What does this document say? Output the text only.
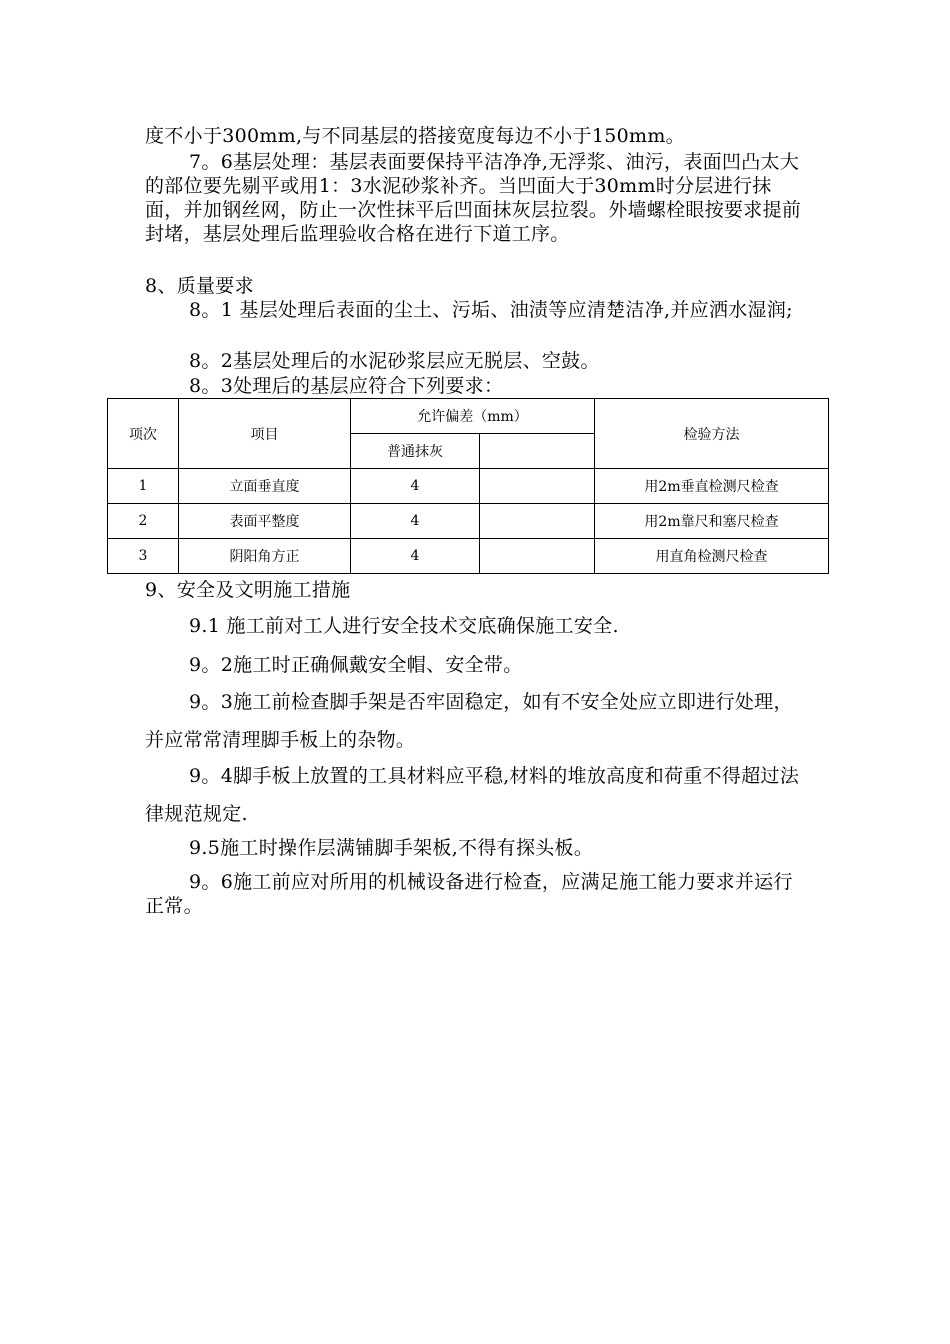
度不小于300mm,与不同基层的搭接宽度每边不小于150mm。

7。6基层处理：基层表面要保持平洁净净,无浮浆、油污，表面凹凸太大的部位要先剔平或用1：3水泥砂浆补齐。当凹面大于30mm时分层进行抹面，并加钢丝网，防止一次性抹平后凹面抹灰层拉裂。外墙螺栓眼按要求提前封堵，基层处理后监理验收合格在进行下道工序。

8、质量要求

8。1 基层处理后表面的尘土、污垢、油渍等应清楚洁净,并应洒水湿润;

8。2基层处理后的水泥砂浆层应无脱层、空鼓。

8。3处理后的基层应符合下列要求：

项次	项目	允许偏差（mm）		检验方法
		普通抹灰		
1	立面垂直度	4		用2m垂直检测尺检查
2	表面平整度	4		用2m靠尺和塞尺检查
3	阴阳角方正	4		用直角检测尺检查

9、安全及文明施工措施

9.1 施工前对工人进行安全技术交底确保施工安全.

9。2施工时正确佩戴安全帽、安全带。

9。3施工前检查脚手架是否牢固稳定，如有不安全处应立即进行处理，并应常常清理脚手板上的杂物。

9。4脚手板上放置的工具材料应平稳,材料的堆放高度和荷重不得超过法律规范规定.

9.5施工时操作层满铺脚手架板,不得有探头板。

9。6施工前应对所用的机械设备进行检查，应满足施工能力要求并运行正常。
